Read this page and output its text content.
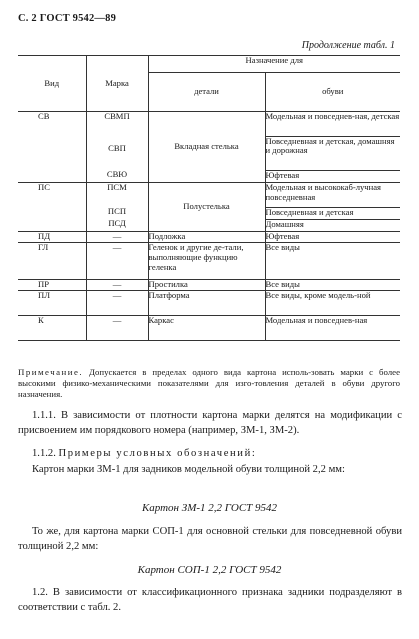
С. 2 ГОСТ 9542—89
Продолжение табл. 1
Вид	Марка	Назначение для	
		детали	обуви
СВ	СВМП	Вкладная стелька	Модельная и повседнев-ная, детская
	СВП		Повседневная и детская, домашняя и дорожная
	СВЮ		Юфтевая
ПС	ПСМ	Полустелька	Модельная и высококаб-лучная повседневная
	ПСП		Повседневная и детская
	ПСД		Домашняя
ПД	—	Подложка	Юфтевая
ГЛ	—	Геленок и другие де-тали, выполняющие функцию геленка	Все виды
ПР	—	Простилка	Все виды
ПЛ	—	Платформа	Все виды, кроме модель-ной
К	—	Каркас	Модельная и повседнев-ная
Примечание. Допускается в пределах одного вида картона исполь-зовать марки с более высокими физико-механическими показателями для изго-товления деталей в обуви другого назначения.
1.1.1. В зависимости от плотности картона марки делятся на модификации с присвоением им порядкового номера (например, ЗМ-1, ЗМ-2).
1.1.2. Примеры условных обозначений:
Картон марки ЗМ-1 для задников модельной обуви толщиной 2,2 мм:
Картон ЗМ-1 2,2 ГОСТ 9542
То же, для картона марки СОП-1 для основной стельки для повседневной обуви толщиной 2,2 мм:
Картон СОП-1 2,2 ГОСТ 9542
1.2. В зависимости от классификационного признака задники подразделяют в соответствии с табл. 2.
